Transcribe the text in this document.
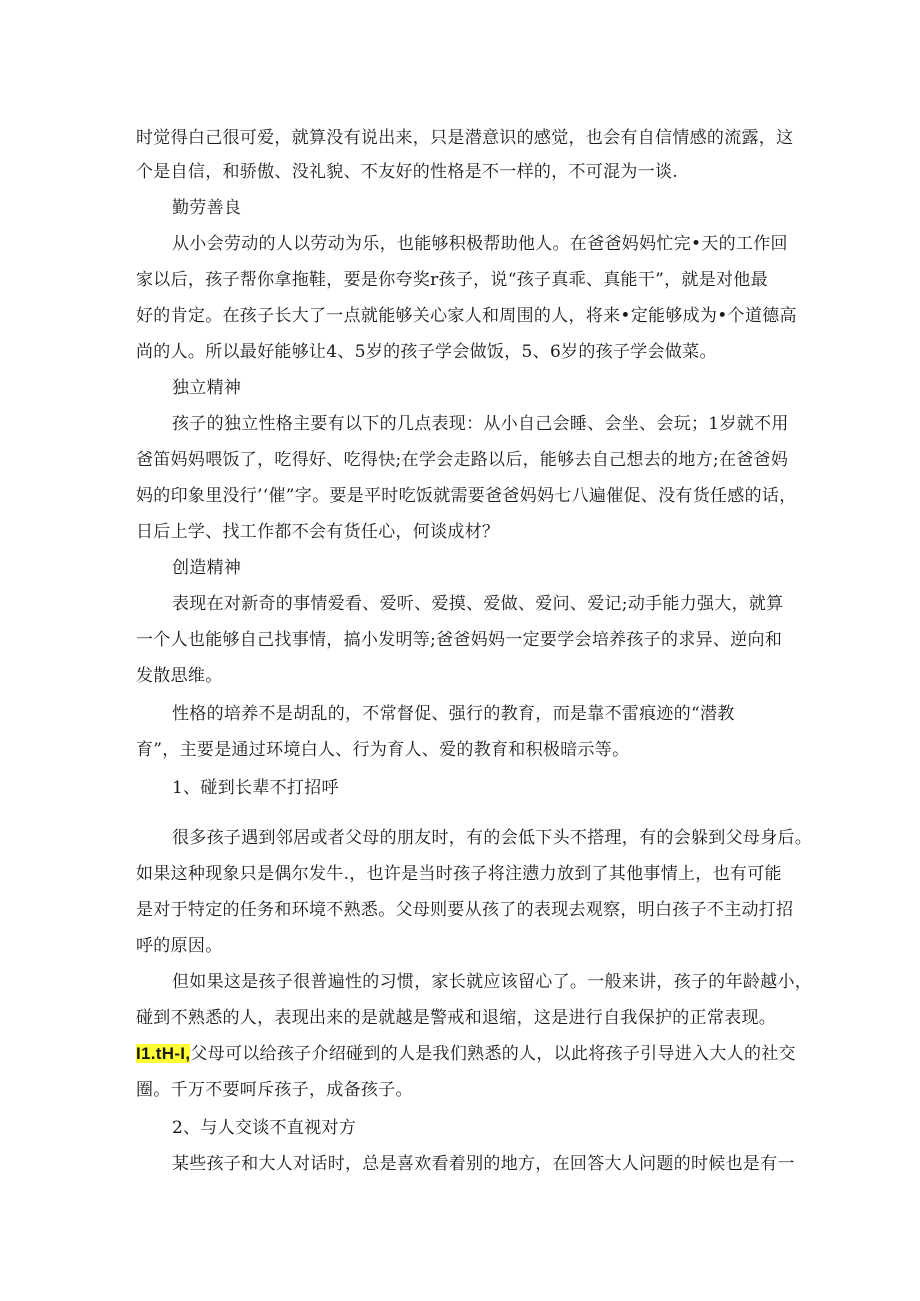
时觉得白己很可爱，就算没有说出来，只是潜意识的感觉，也会有自信情感的流露，这
个是自信，和骄傲、没礼貌、不友好的性格是不一样的，不可混为一谈.
勤劳善良
从小会劳动的人以劳动为乐，也能够积极帮助他人。在爸爸妈妈忙完•天的工作回
家以后，孩子帮你拿拖鞋，要是你夸奖r孩子，说“孩子真乖、真能干”，就是对他最
好的肯定。在孩子长大了一点就能够关心家人和周围的人，将来•定能够成为•个道德高
尚的人。所以最好能够让4、5岁的孩子学会做饭，5、6岁的孩子学会做菜。
独立精神
孩子的独立性格主要有以下的几点表现：从小自己会睡、会坐、会玩；1岁就不用
爸笛妈妈喂饭了，吃得好、吃得快;在学会走路以后，能够去自己想去的地方;在爸爸妈
妈的印象里没行’‘催”字。要是平时吃饭就需要爸爸妈妈七八遍催促、没有货任感的话，
日后上学、找工作都不会有货任心，何谈成材？
创造精神
表现在对新奇的事情爱看、爱听、爱摸、爱做、爱问、爱记;动手能力强大，就算
一个人也能够自己找事情，搞小发明等;爸爸妈妈一定要学会培养孩子的求异、逆向和
发散思维。
性格的培养不是胡乱的，不常督促、强行的教育，而是靠不雷痕迹的“潜教
育”，主要是通过环境白人、行为育人、爱的教育和积极暗示等。
1、碰到长辈不打招呼
很多孩子遇到邻居或者父母的朋友时，有的会低下头不搭理，有的会躲到父母身后。
如果这种现象只是偶尔发牛.，也许是当时孩子将注懑力放到了其他事情上，也有可能
是对于特定的任务和环境不熟悉。父母则要从孩了的表现去观察，明白孩子不主动打招
呼的原因。
但如果这是孩子很普遍性的习惯，家长就应该留心了。一般来讲，孩子的年龄越小，
碰到不熟悉的人，表现出来的是就越是警戒和退缩，这是进行自我保护的正常表现。
I1.tH-I,父母可以给孩子介绍碰到的人是我们熟悉的人，以此将孩子引导进入大人的社交
圈。千万不要呵斥孩子，成备孩子。
2、与人交谈不直视对方
某些孩子和大人对话时，总是喜欢看着别的地方，在回答大人问题的时候也是有一
